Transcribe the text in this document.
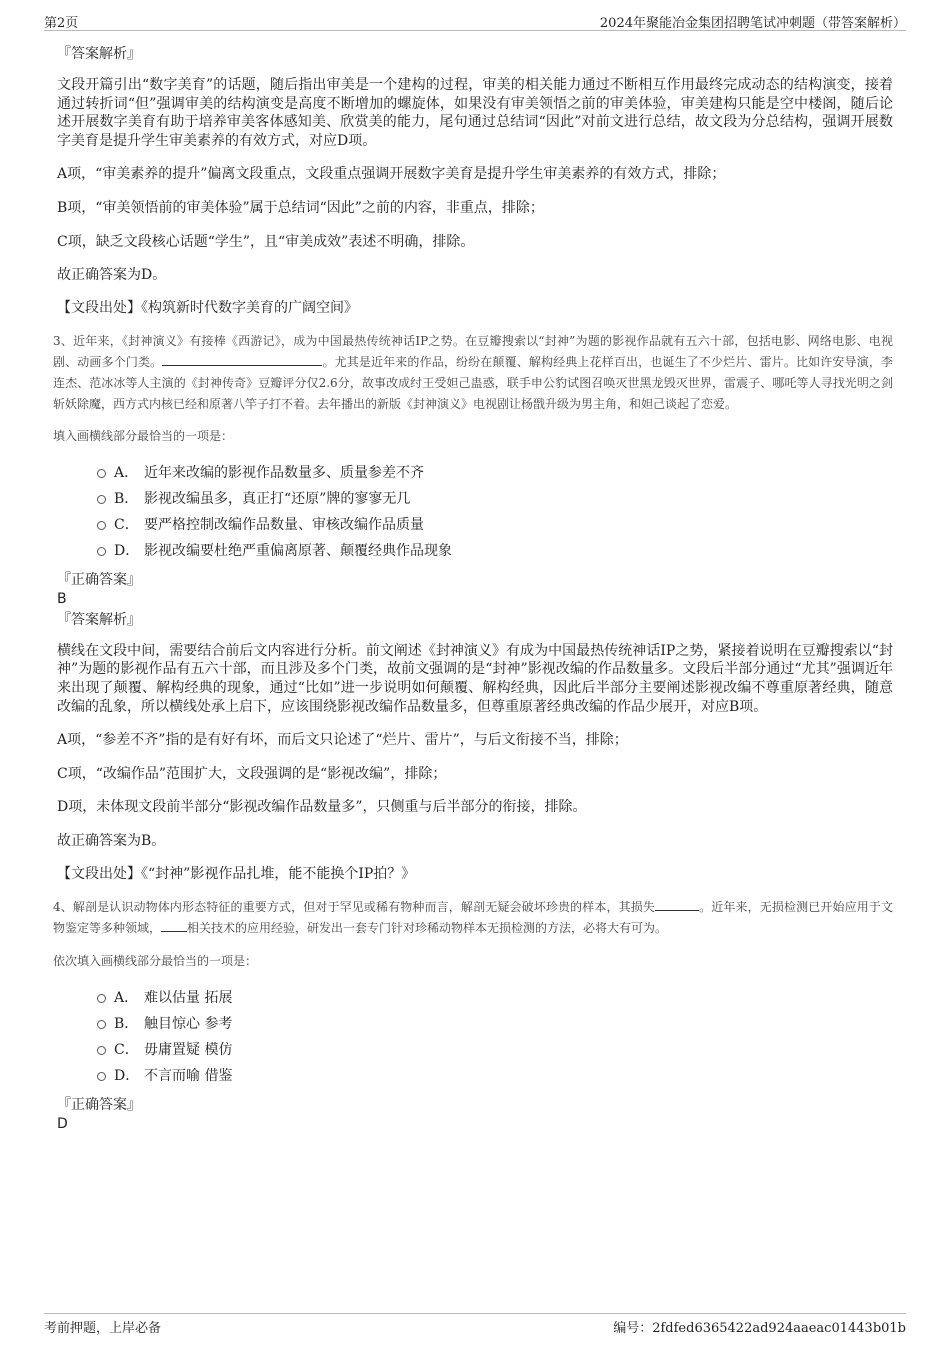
第2页	2024年聚能冶金集团招聘笔试冲刺题（带答案解析）

『答案解析』

文段开篇引出“数字美育”的话题，随后指出审美是一个建构的过程，审美的相关能力通过不断相互作用最终完成动态的结构演变，接着通过转折词“但”强调审美的结构演变是高度不断增加的螺旋体，如果没有审美领悟之前的审美体验，审美建构只能是空中楼阁，随后论述开展数字美育有助于培养审美客体感知美、欣赏美的能力，尾句通过总结词“因此”对前文进行总结，故文段为分总结构，强调开展数字美育是提升学生审美素养的有效方式，对应D项。

A项，“审美素养的提升”偏离文段重点，文段重点强调开展数字美育是提升学生审美素养的有效方式，排除；

B项，“审美领悟前的审美体验”属于总结词“因此”之前的内容，非重点，排除；

C项，缺乏文段核心话题“学生”，且“审美成效”表述不明确，排除。

故正确答案为D。

【文段出处】《构筑新时代数字美育的广阔空间》

3、近年来，《封神演义》有接棒《西游记》，成为中国最热传统神话IP之势。在豆瓣搜索以“封神”为题的影视作品就有五六十部，包括电影、网络电影、电视剧、动画多个门类。	。尤其是近年来的作品，纷纷在颠覆、解构经典上花样百出，也诞生了不少烂片、雷片。比如许安导演，李连杰、范冰冰等人主演的《封神传奇》豆瓣评分仅2.6分，故事改成纣王受妲己蛊惑，联手申公豹试图召唤灭世黑龙毁灭世界，雷震子、哪吒等人寻找光明之剑斩妖除魔，西方式内核已经和原著八竿子打不着。去年播出的新版《封神演义》电视剧让杨戬升级为男主角，和妲己谈起了恋爱。

填入画横线部分最恰当的一项是：

A． 近年来改编的影视作品数量多、质量参差不齐
B． 影视改编虽多，真正打“还原”牌的寥寥无几
C． 要严格控制改编作品数量、审核改编作品质量
D． 影视改编要杜绝严重偏离原著、颠覆经典作品现象

『正确答案』

B

『答案解析』

横线在文段中间，需要结合前后文内容进行分析。前文阐述《封神演义》有成为中国最热传统神话IP之势，紧接着说明在豆瓣搜索以“封神”为题的影视作品有五六十部，而且涉及多个门类，故前文强调的是“封神”影视改编的作品数量多。文段后半部分通过“尤其”强调近年来出现了颠覆、解构经典的现象，通过“比如”进一步说明如何颠覆、解构经典，因此后半部分主要阐述影视改编不尊重原著经典，随意改编的乱象，所以横线处承上启下，应该围绕影视改编作品数量多，但尊重原著经典改编的作品少展开，对应B项。

A项，“参差不齐”指的是有好有坏，而后文只论述了“烂片、雷片”，与后文衔接不当，排除；

C项，“改编作品”范围扩大，文段强调的是“影视改编”，排除；

D项，未体现文段前半部分“影视改编作品数量多”，只侧重与后半部分的衔接，排除。

故正确答案为B。

【文段出处】《“封神”影视作品扎堆，能不能换个IP拍？》

4、解剖是认识动物体内形态特征的重要方式，但对于罕见或稀有物种而言，解剖无疑会破坏珍贵的样本，其损失	。近年来，无损检测已开始应用于文物鉴定等多种领域， 相关技术的应用经验，研发出一套专门针对珍稀动物样本无损检测的方法，必将大有可为。

依次填入画横线部分最恰当的一项是：

A． 难以估量 拓展
B． 触目惊心 参考
C． 毋庸置疑 模仿
D． 不言而喻 借鉴

『正确答案』

D

考前押题，上岸必备	编号：2fdfed6365422ad924aaeac01443b01b
